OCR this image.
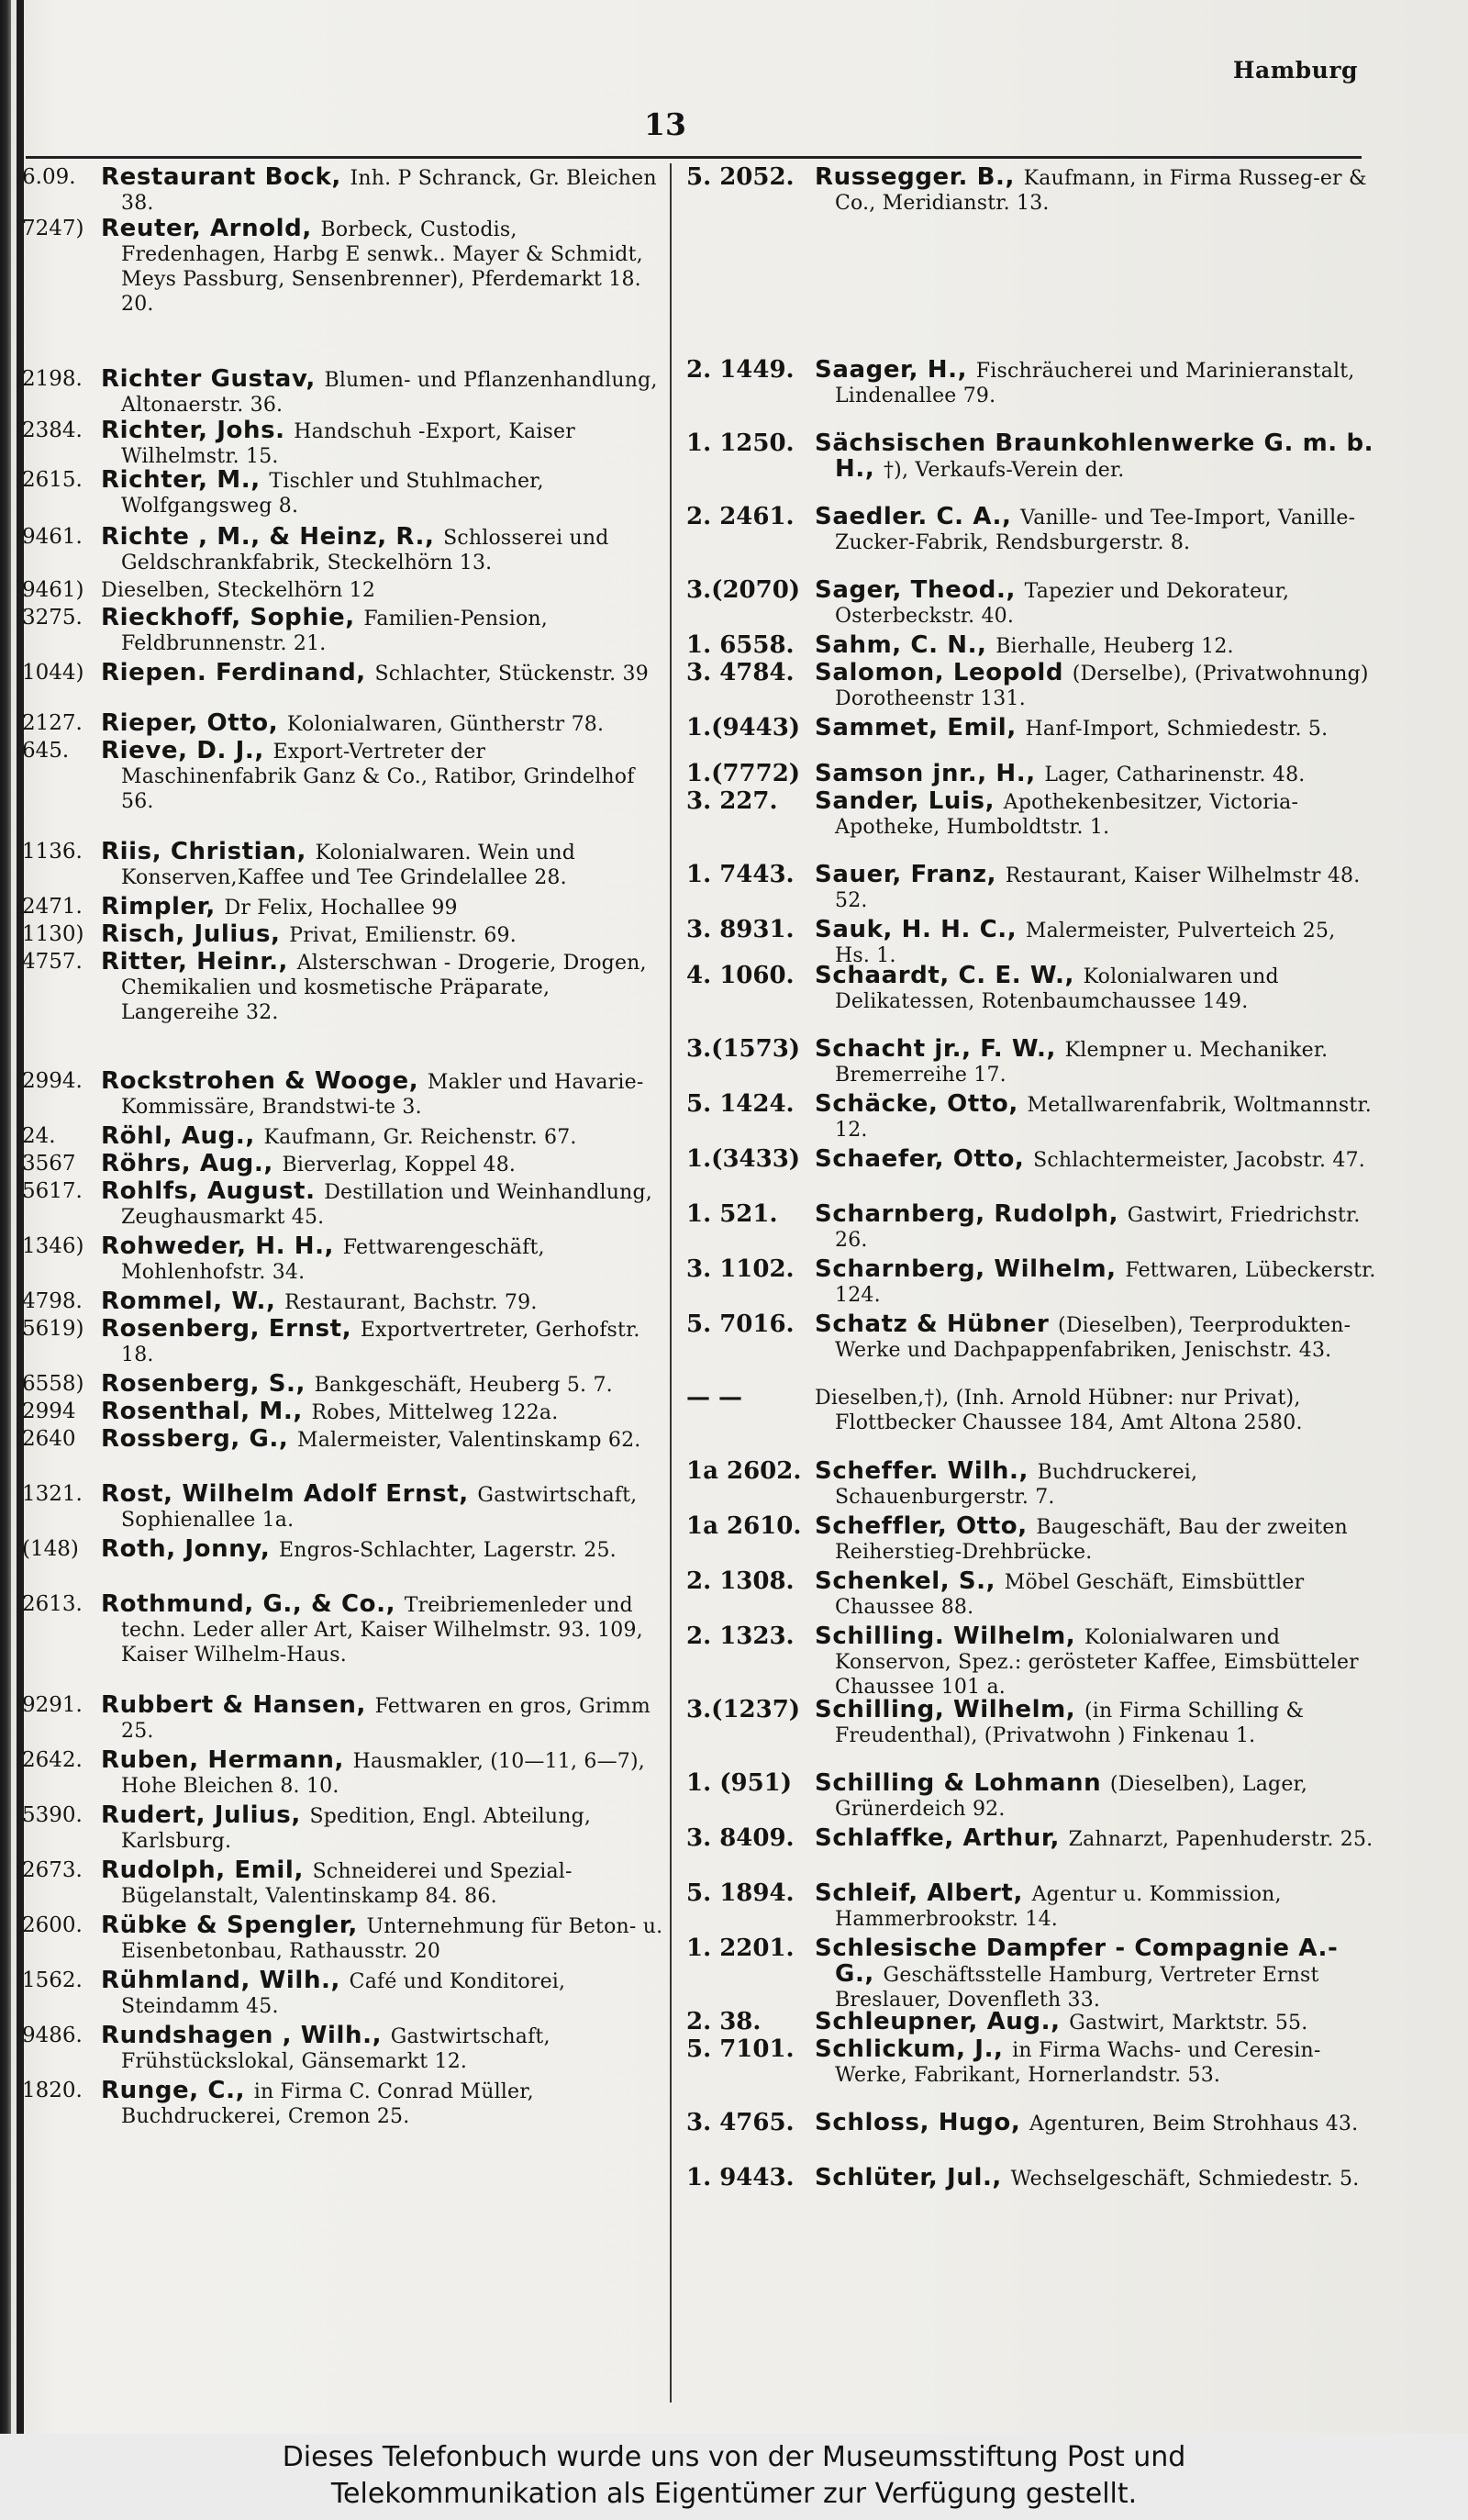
Hamburg
13
6.09.	Restaurant Bock, Inh. P Schranck, Gr. Bleichen 38.
7247) Reuter, Arnold, Borbeck, Custodis, Fredenhagen, Harbg E senwk.. Mayer & Schmidt, Meys Passburg, Sensenbrenner), Pferdemarkt 18. 20.
2198. Richter Gustav, Blumen- und Pflanzenhandlung, Altonaerstr. 36.
2384. Richter, Johs. Handschuh -Export, Kaiser Wilhelmstr. 15.
2615. Richter, M., Tischler und Stuhlmacher, Wolfgangsweg 8.
9461. Richte , M., & Heinz, R., Schlosserei und Geldschrankfabrik, Steckelhörn 13.
9461) Dieselben, Steckelhörn 12
3275. Rieckhoff, Sophie, Familien-Pension, Feldbrunnenstr. 21.
1044) Riepen. Ferdinand, Schlachter, Stückenstr. 39
2127. Rieper, Otto, Kolonialwaren, Güntherstr 78.
645.	Rieve, D. J., Export-Vertreter der Maschinenfabrik Ganz & Co., Ratibor, Grindelhof 56.
1136. Riis, Christian, Kolonialwaren. Wein und Konserven,Kaffee und Tee Grindelallee 28.
2471. Rimpler, Dr Felix, Hochallee 99
1130) Risch, Julius, Privat, Emilienstr. 69.
4757. Ritter, Heinr., Alsterschwan - Drogerie, Drogen, Chemikalien und kosmetische Präparate, Langereihe 32.
2994. Rockstrohen & Wooge, Makler und Havarie-Kommissäre, Brandstwi-te 3.
24.	Röhl, Aug., Kaufmann, Gr. Reichenstr. 67.
3567	Röhrs, Aug., Bierverlag, Koppel 48.
5617. Rohlfs, August. Destillation und Weinhandlung, Zeughausmarkt 45.
1346) Rohweder, H. H., Fettwarengeschäft, Mohlenhofstr. 34.
4798. Rommel, W., Restaurant, Bachstr. 79.
5619) Rosenberg, Ernst, Exportvertreter, Gerhofstr. 18.
6558) Rosenberg, S., Bankgeschäft, Heuberg 5. 7.
2994	Rosenthal, M., Robes, Mittelweg 122a.
2640	Rossberg, G., Malermeister, Valentinskamp 62.
1321. Rost, Wilhelm Adolf Ernst, Gastwirtschaft, Sophienallee 1a.
(148) Roth, Jonny, Engros-Schlachter, Lagerstr. 25.
2613. Rothmund, G., & Co., Treibriemenleder und techn. Leder aller Art, Kaiser Wilhelmstr. 93. 109, Kaiser Wilhelm-Haus.
9291. Rubbert & Hansen, Fettwaren en gros, Grimm 25.
2642. Ruben, Hermann, Hausmakler, (10—11, 6—7), Hohe Bleichen 8. 10.
5390. Rudert, Julius, Spedition, Engl. Abteilung, Karlsburg.
2673. Rudolph, Emil, Schneiderei und Spezial-Bügelanstalt, Valentinskamp 84. 86.
2600. Rübke & Spengler, Unternehmung für Beton- u. Eisenbetonbau, Rathausstr. 20
1562. Rühmland, Wilh., Café und Konditorei, Steindamm 45.
9486. Rundshagen , Wilh., Gastwirtschaft, Frühstückslokal, Gänsemarkt 12.
1820. Runge, C., in Firma C. Conrad Müller, Buchdruckerei, Cremon 25.
5. 2052. Russegger. B., Kaufmann, in Firma Russeg-er & Co., Meridianstr. 13.
2. 1449. Saager, H., Fischräucherei und Marinieranstalt, Lindenallee 79.
1. 1250. Sächsischen Braunkohlenwerke G. m. b. H., †), Verkaufs-Verein der.
2. 2461. Saedler. C. A., Vanille- und Tee-Import, Vanille-Zucker-Fabrik, Rendsburgerstr. 8.
3.(2070) Sager, Theod., Tapezier und Dekorateur, Osterbeckstr. 40.
1. 6558. Sahm, C. N., Bierhalle, Heuberg 12.
3. 4784. Salomon, Leopold (Derselbe), (Privatwohnung) Dorotheenstr 131.
1.(9443) Sammet, Emil, Hanf-Import, Schmiedestr. 5.
1.(7772) Samson jnr., H., Lager, Catharinenstr. 48.
3. 227.	Sander, Luis, Apothekenbesitzer, Victoria-Apotheke, Humboldtstr. 1.
1. 7443. Sauer, Franz, Restaurant, Kaiser Wilhelmstr 48. 52.
3. 8931. Sauk, H. H. C., Malermeister, Pulverteich 25, Hs. 1.
4. 1060. Schaardt, C. E. W., Kolonialwaren und Delikatessen, Rotenbaumchaussee 149.
3.(1573) Schacht jr., F. W., Klempner u. Mechaniker. Bremerreihe 17.
5. 1424. Schäcke, Otto, Metallwarenfabrik, Woltmannstr. 12.
1.(3433) Schaefer, Otto, Schlachtermeister, Jacobstr. 47.
1. 521.	Scharnberg, Rudolph, Gastwirt, Friedrichstr. 26.
3. 1102. Scharnberg, Wilhelm, Fettwaren, Lübeckerstr. 124.
5. 7016. Schatz & Hübner (Dieselben), Teerprodukten-Werke und Dachpappenfabriken, Jenischstr. 43.
— —	Dieselben,†), (Inh. Arnold Hübner: nur Privat), Flottbecker Chaussee 184, Amt Altona 2580.
1a 2602. Scheffer. Wilh., Buchdruckerei, Schauenburgerstr. 7.
1a 2610. Scheffler, Otto, Baugeschäft, Bau der zweiten Reiherstieg-Drehbrücke.
2. 1308. Schenkel, S., Möbel Geschäft, Eimsbüttler Chaussee 88.
2. 1323. Schilling. Wilhelm, Kolonialwaren und Konservon, Spez.: gerösteter Kaffee, Eimsbütteler Chaussee 101 a.
3.(1237) Schilling, Wilhelm, (in Firma Schilling & Freudenthal), (Privatwohn ) Finkenau 1.
1. (951) Schilling & Lohmann (Dieselben), Lager, Grünerdeich 92.
3. 8409. Schlaffke, Arthur, Zahnarzt, Papenhuderstr. 25.
5. 1894. Schleif, Albert, Agentur u. Kommission, Hammerbrookstr. 14.
1. 2201. Schlesische Dampfer - Compagnie A.-G., Geschäftsstelle Hamburg, Vertreter Ernst Breslauer, Dovenfleth 33.
2. 38.	Schleupner, Aug., Gastwirt, Marktstr. 55.
5. 7101. Schlickum, J., in Firma Wachs- und Ceresin-Werke, Fabrikant, Hornerlandstr. 53.
3. 4765. Schloss, Hugo, Agenturen, Beim Strohhaus 43.
1. 9443. Schlüter, Jul., Wechselgeschäft, Schmiedestr. 5.
Dieses Telefonbuch wurde uns von der Museumsstiftung Post und
Telekommunikation als Eigentümer zur Verfügung gestellt.
